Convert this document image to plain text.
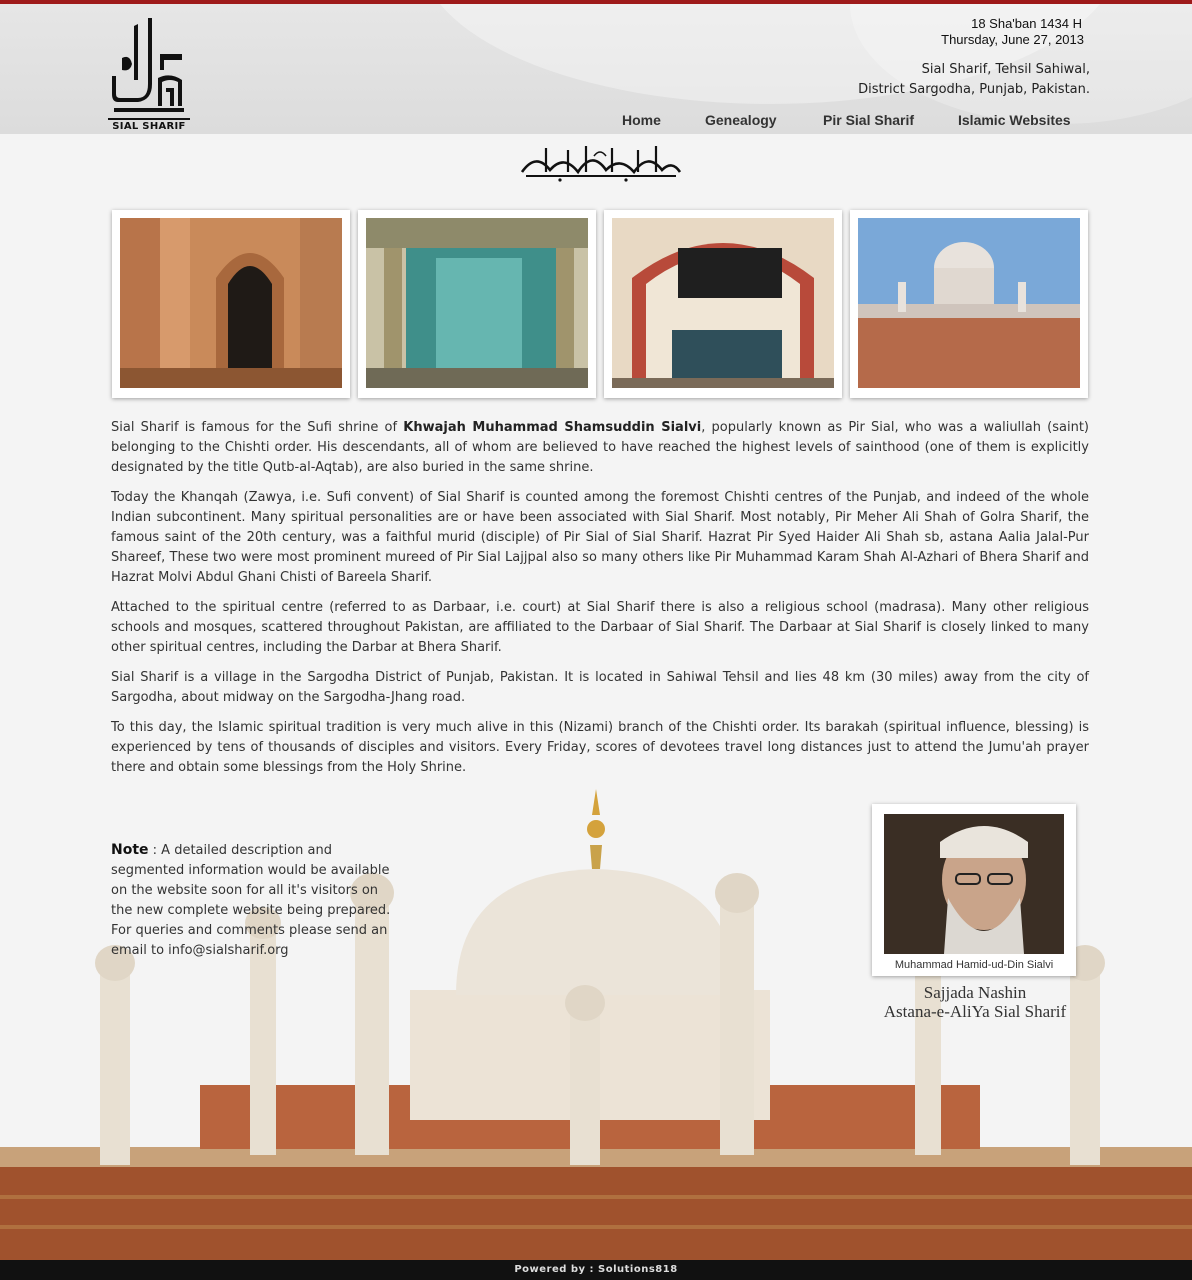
SIAL SHARIF
18 Sha'ban 1434 H
Thursday, June 27, 2013
Sial Sharif, Tehsil Sahiwal,
District Sargodha, Punjab, Pakistan.
Home	Genealogy	Pir Sial Sharif	Islamic Websites

Sial Sharif is famous for the Sufi shrine of Khwajah Muhammad Shamsuddin Sialvi, popularly known as Pir Sial, who was a waliullah (saint) belonging to the Chishti order. His descendants, all of whom are believed to have reached the highest levels of sainthood (one of them is explicitly designated by the title Qutb-al-Aqtab), are also buried in the same shrine.

Today the Khanqah (Zawya, i.e. Sufi convent) of Sial Sharif is counted among the foremost Chishti centres of the Punjab, and indeed of the whole Indian subcontinent. Many spiritual personalities are or have been associated with Sial Sharif. Most notably, Pir Meher Ali Shah of Golra Sharif, the famous saint of the 20th century, was a faithful murid (disciple) of Pir Sial of Sial Sharif. Hazrat Pir Syed Haider Ali Shah sb, astana Aalia Jalal-Pur Shareef, These two were most prominent mureed of Pir Sial Lajjpal also so many others like Pir Muhammad Karam Shah Al-Azhari of Bhera Sharif and Hazrat Molvi Abdul Ghani Chisti of Bareela Sharif.

Attached to the spiritual centre (referred to as Darbaar, i.e. court) at Sial Sharif there is also a religious school (madrasa). Many other religious schools and mosques, scattered throughout Pakistan, are affiliated to the Darbaar of Sial Sharif. The Darbaar at Sial Sharif is closely linked to many other spiritual centres, including the Darbar at Bhera Sharif.

Sial Sharif is a village in the Sargodha District of Punjab, Pakistan. It is located in Sahiwal Tehsil and lies 48 km (30 miles) away from the city of Sargodha, about midway on the Sargodha-Jhang road.

To this day, the Islamic spiritual tradition is very much alive in this (Nizami) branch of the Chishti order. Its barakah (spiritual influence, blessing) is experienced by tens of thousands of disciples and visitors. Every Friday, scores of devotees travel long distances just to attend the Jumu'ah prayer there and obtain some blessings from the Holy Shrine.

Note : A detailed description and segmented information would be available on the website soon for all it's visitors on the new complete website being prepared. For queries and comments please send an email to info@sialsharif.org
Muhammad Hamid-ud-Din Sialvi
Sajjada Nashin
Astana-e-AliYa Sial Sharif
Powered by : Solutions818
